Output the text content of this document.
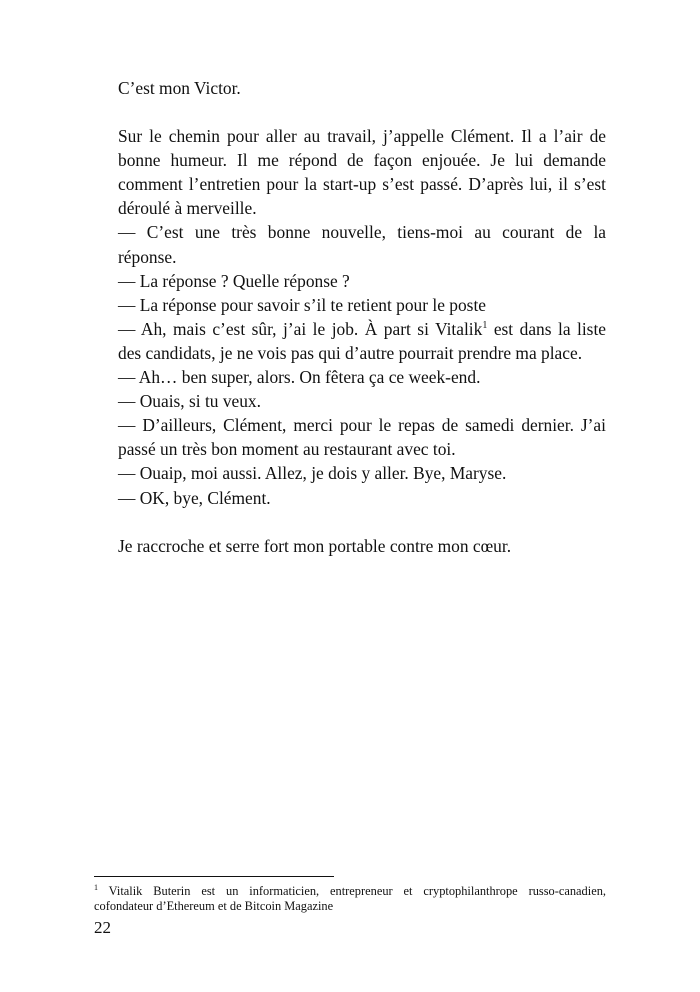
C’est mon Victor.

Sur le chemin pour aller au travail, j’appelle Clément. Il a l’air de
bonne humeur. Il me répond de façon enjouée. Je lui demande
comment l’entretien pour la start-up s’est passé. D’après lui, il s’est
déroulé à merveille.

— C’est une très bonne nouvelle, tiens-moi au courant de la
réponse.

— La réponse ? Quelle réponse ?

— La réponse pour savoir s’il te retient pour le poste

— Ah, mais c’est sûr, j’ai le job. À part si Vitalik$^1$ est dans la liste
des candidats, je ne vois pas qui d’autre pourrait prendre ma place.

— Ah… ben super, alors. On fêtera ça ce week-end.

— Ouais, si tu veux.

— D’ailleurs, Clément, merci pour le repas de samedi dernier. J’ai
passé un très bon moment au restaurant avec toi.

— Ouaip, moi aussi. Allez, je dois y aller. Bye, Maryse.

— OK, bye, Clément.

Je raccroche et serre fort mon portable contre mon cœur.

$^1$ Vitalik Buterin est un informaticien, entrepreneur et cryptophilanthrope russo-canadien,
cofondateur d’Ethereum et de Bitcoin Magazine
22
